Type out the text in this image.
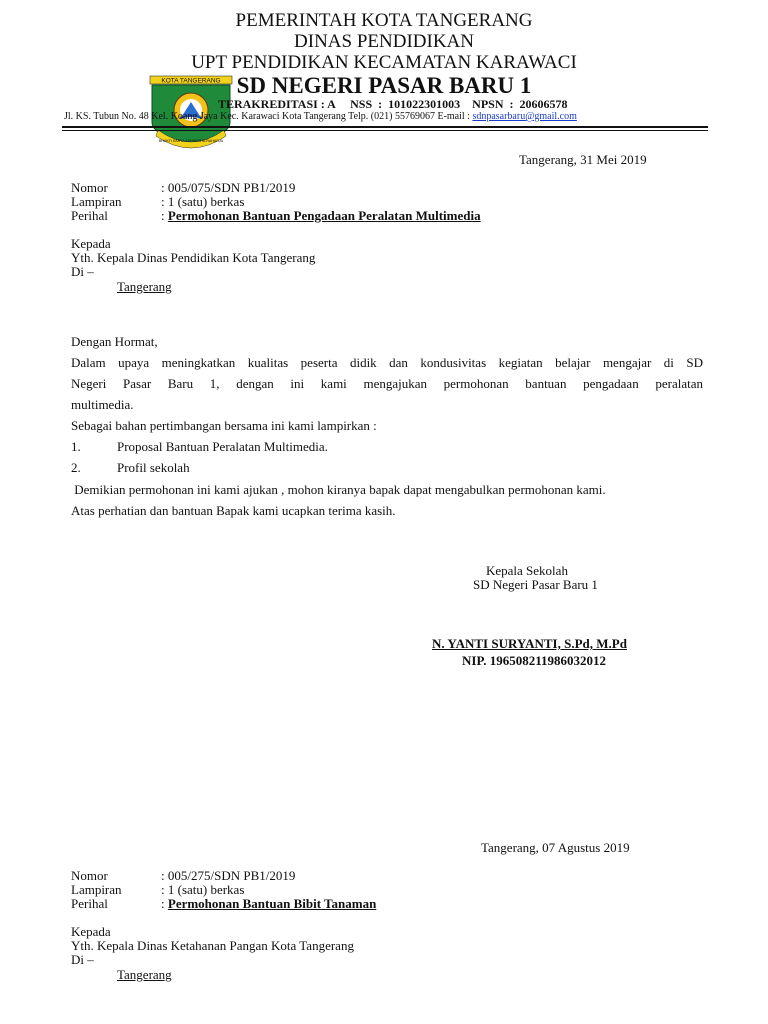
KOTA TANGERANG
BHAKTI KARYA ADHIKERTA RAHARJA
PEMERINTAH KOTA TANGERANG
DINAS PENDIDIKAN
UPT PENDIDIKAN KECAMATAN KARAWACI
SD NEGERI PASAR BARU 1
TERAKREDITASI : A     NSS  :  101022301003    NPSN  :  20606578
Jl. KS. Tubun No. 48 Kel. Koang Jaya Kec. Karawaci Kota Tangerang Telp. (021) 55769067 E-mail : sdnpasarbaru@gmail.com
Tangerang, 31 Mei 2019
Nomor	: 005/075/SDN PB1/2019
Lampiran	: 1 (satu) berkas
Perihal	: Permohonan Bantuan Pengadaan Peralatan Multimedia
Kepada
Yth. Kepala Dinas Pendidikan Kota Tangerang
Di –
Tangerang
Dengan Hormat,
Dalam upaya meningkatkan kualitas peserta didik dan kondusivitas kegiatan belajar mengajar di SD
Negeri Pasar Baru 1, dengan ini kami mengajukan permohonan bantuan pengadaan peralatan
multimedia.
Sebagai bahan pertimbangan bersama ini kami lampirkan :
1.	Proposal Bantuan Peralatan Multimedia.
2.	Profil sekolah
Demikian permohonan ini kami ajukan , mohon kiranya bapak dapat mengabulkan permohonan kami.
Atas perhatian dan bantuan Bapak kami ucapkan terima kasih.
Kepala Sekolah
SD Negeri Pasar Baru 1
N. YANTI SURYANTI, S.Pd, M.Pd
NIP. 196508211986032012
Tangerang, 07 Agustus 2019
Nomor	: 005/275/SDN PB1/2019
Lampiran	: 1 (satu) berkas
Perihal	: Permohonan Bantuan Bibit Tanaman
Kepada
Yth. Kepala Dinas Ketahanan Pangan Kota Tangerang
Di –
Tangerang
